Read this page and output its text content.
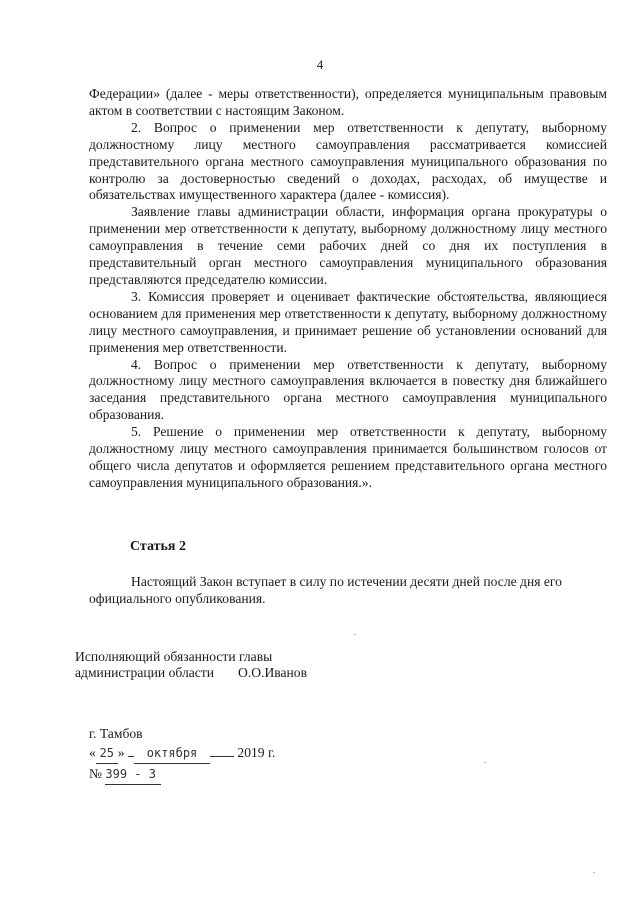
4

Федерации» (далее - меры ответственности), определяется муниципальным правовым актом в соответствии с настоящим Законом.

2. Вопрос о применении мер ответственности к депутату, выборному должностному лицу местного самоуправления рассматривается комиссией представительного органа местного самоуправления муниципального образования по контролю за достоверностью сведений о доходах, расходах, об имуществе и обязательствах имущественного характера (далее - комиссия).

Заявление главы администрации области, информация органа прокуратуры о применении мер ответственности к депутату, выборному должностному лицу местного самоуправления в течение семи рабочих дней со дня их поступления в представительный орган местного самоуправления муниципального образования представляются председателю комиссии.

3. Комиссия проверяет и оценивает фактические обстоятельства, являющиеся основанием для применения мер ответственности к депутату, выборному должностному лицу местного самоуправления, и принимает решение об установлении оснований для применения мер ответственности.

4. Вопрос о применении мер ответственности к депутату, выборному должностному лицу местного самоуправления включается в повестку дня ближайшего заседания представительного органа местного самоуправления муниципального образования.

5. Решение о применении мер ответственности к депутату, выборному должностному лицу местного самоуправления принимается большинством голосов от общего числа депутатов и оформляется решением представительного органа местного самоуправления муниципального образования.».

Статья 2

Настоящий Закон вступает в силу по истечении десяти дней после дня его официального опубликования.

Исполняющий обязанности главы
администрации области О.О.Иванов
г. Тамбов
« 25 » октября	2019 г.
№ 399 - З
